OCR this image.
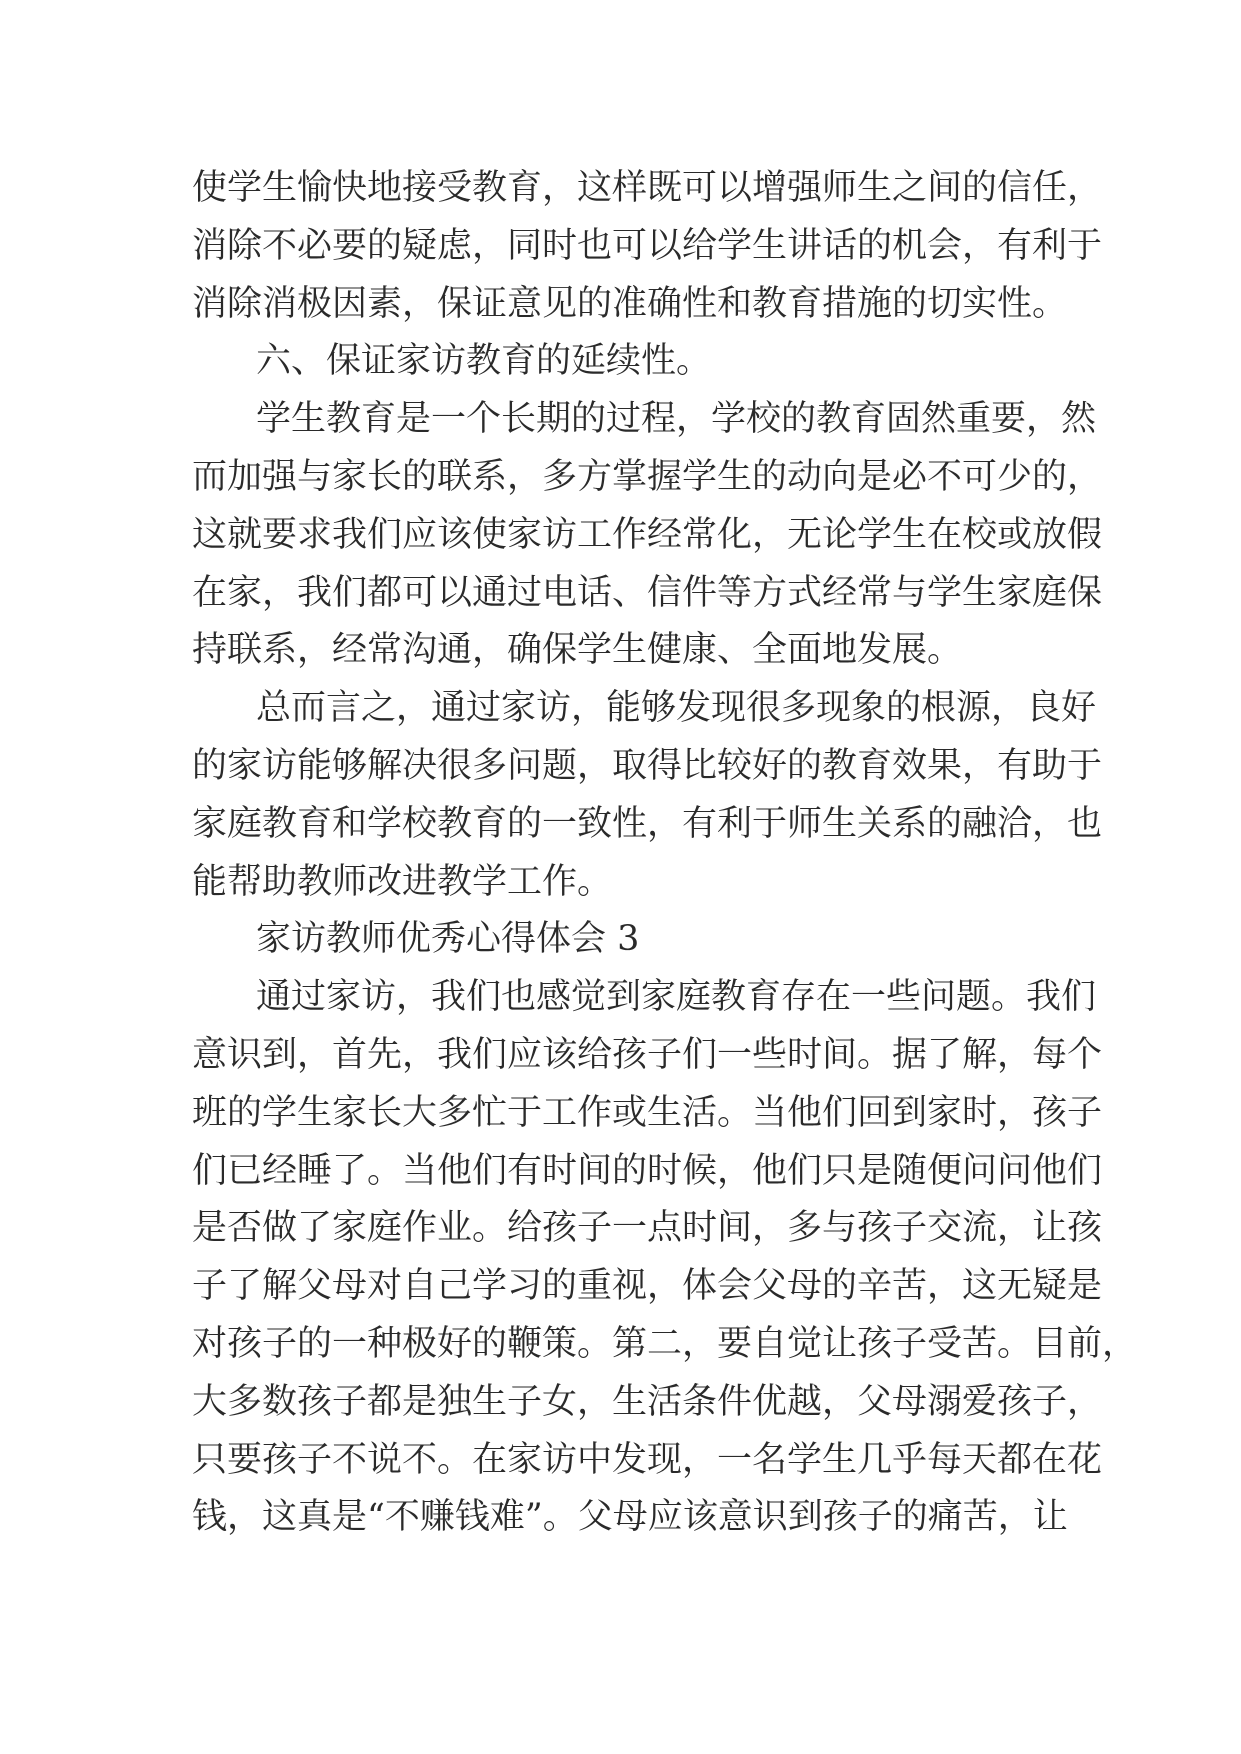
使学生愉快地接受教育，这样既可以增强师生之间的信任，
消除不必要的疑虑，同时也可以给学生讲话的机会，有利于
消除消极因素，保证意见的准确性和教育措施的切实性。
六、保证家访教育的延续性。
学生教育是一个长期的过程，学校的教育固然重要，然
而加强与家长的联系，多方掌握学生的动向是必不可少的，
这就要求我们应该使家访工作经常化，无论学生在校或放假
在家，我们都可以通过电话、信件等方式经常与学生家庭保
持联系，经常沟通，确保学生健康、全面地发展。
总而言之，通过家访，能够发现很多现象的根源，良好
的家访能够解决很多问题，取得比较好的教育效果，有助于
家庭教育和学校教育的一致性，有利于师生关系的融洽，也
能帮助教师改进教学工作。
家访教师优秀心得体会 3
通过家访，我们也感觉到家庭教育存在一些问题。我们
意识到，首先，我们应该给孩子们一些时间。据了解，每个
班的学生家长大多忙于工作或生活。当他们回到家时，孩子
们已经睡了。当他们有时间的时候，他们只是随便问问他们
是否做了家庭作业。给孩子一点时间，多与孩子交流，让孩
子了解父母对自己学习的重视，体会父母的辛苦，这无疑是
对孩子的一种极好的鞭策。第二，要自觉让孩子受苦。目前，
大多数孩子都是独生子女，生活条件优越，父母溺爱孩子，
只要孩子不说不。在家访中发现，一名学生几乎每天都在花
钱，这真是“不赚钱难”。父母应该意识到孩子的痛苦，让
